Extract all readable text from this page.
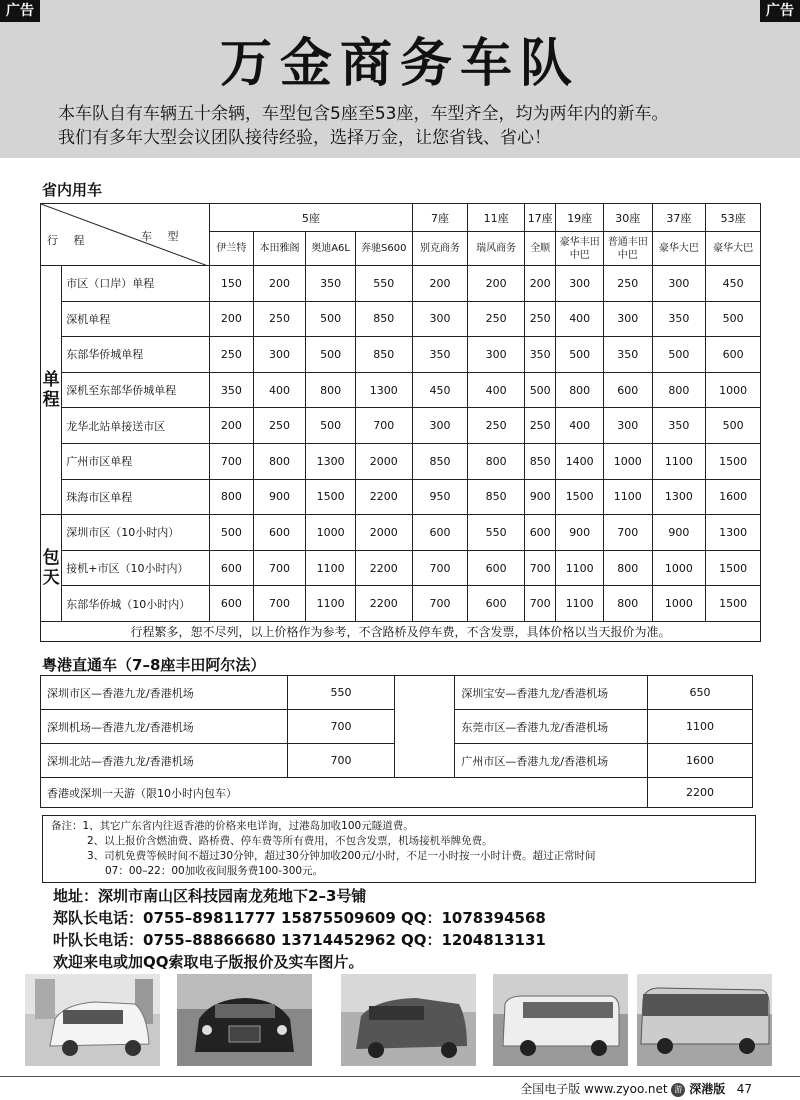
广告	广告
万金商务车队
本车队自有车辆五十余辆，车型包含5座至53座，车型齐全，均为两年内的新车。
我们有多年大型会议团队接待经验，选择万金，让您省钱、省心！
省内用车
行 程 车 型		5座				7座	11座	17座	19座	30座	37座	53座
		伊兰特	本田雅阁	奥迪A6L	奔驰S600	别克商务	瑞风商务	全顺	豪华丰田中巴	普通丰田中巴	豪华大巴	豪华大巴
单程	市区（口岸）单程	150	200	350	550	200	200	200	300	250	300	450
	深机单程	200	250	500	850	300	250	250	400	300	350	500
	东部华侨城单程	250	300	500	850	350	300	350	500	350	500	600
	深机至东部华侨城单程	350	400	800	1300	450	400	500	800	600	800	1000
	龙华北站单接送市区	200	250	500	700	300	250	250	400	300	350	500
	广州市区单程	700	800	1300	2000	850	800	850	1400	1000	1100	1500
	珠海市区单程	800	900	1500	2200	950	850	900	1500	1100	1300	1600
包天	深圳市区（10小时内）	500	600	1000	2000	600	550	600	900	700	900	1300
	接机+市区（10小时内）	600	700	1100	2200	700	600	700	1100	800	1000	1500
	东部华侨城（10小时内）	600	700	1100	2200	700	600	700	1100	800	1000	1500
行程繁多，恕不尽列，以上价格作为参考，不含路桥及停车费，不含发票，具体价格以当天报价为准。												
粤港直通车（7–8座丰田阿尔法）
深圳市区—香港九龙/香港机场	550		深圳宝安—香港九龙/香港机场	650
深圳机场—香港九龙/香港机场	700		东莞市区—香港九龙/香港机场	1100
深圳北站—香港九龙/香港机场	700		广州市区—香港九龙/香港机场	1600
香港或深圳一天游（限10小时内包车）				2200
备注：1、其它广东省内往返香港的价格来电详询，过港岛加收100元隧道费。
2、以上报价含燃油费、路桥费、停车费等所有费用，不包含发票，机场接机举牌免费。
3、司机免费等候时间不超过30分钟，超过30分钟加收200元/小时，不足一小时按一小时计费。超过正常时间
07：00–22：00加收夜间服务费100-300元。
地址：深圳市南山区科技园南龙苑地下2–3号铺
郑队长电话：0755–89811777 15875509609 QQ：1078394568
叶队长电话：0755–88866680 13714452962 QQ：1204813131
欢迎来电或加QQ索取电子版报价及实车图片。
全国电子版 www.zyoo.net 游 深港版 47
